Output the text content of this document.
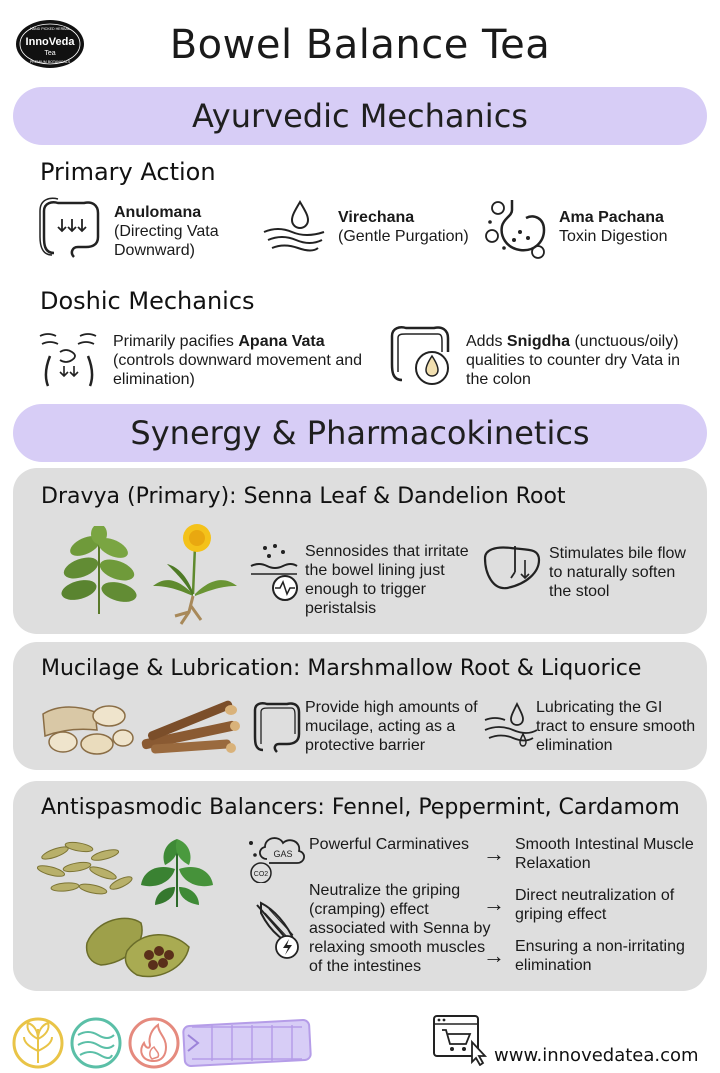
InnoVeda
Tea
HAND PICKED HERBAL
PREMIUM BOTANICALS	Bowel Balance Tea
Ayurvedic Mechanics
Primary Action
Anulomana
(Directing Vata Downward)
Virechana
(Gentle Purgation)
Ama Pachana
Toxin Digestion
Doshic Mechanics
Primarily pacifies Apana Vata (controls downward movement and elimination)
Adds Snigdha (unctuous/oily) qualities to counter dry Vata in the colon
Synergy & Pharmacokinetics
Dravya (Primary): Senna Leaf & Dandelion Root
Sennosides that irritate the bowel lining just enough to trigger peristalsis
Stimulates bile flow to naturally soften the stool
Mucilage & Lubrication: Marshmallow Root & Liquorice
Provide high amounts of mucilage, acting as a protective barrier
Lubricating the GI tract to ensure smooth elimination
Antispasmodic Balancers: Fennel, Peppermint, Cardamom
GAS
CO2
Powerful Carminatives → Smooth Intestinal Muscle Relaxation
Neutralize the griping (cramping) effect associated with Senna by relaxing smooth muscles of the intestines
→ Direct neutralization of griping effect
→ Ensuring a non-irritating elimination
www.innovedatea.com
